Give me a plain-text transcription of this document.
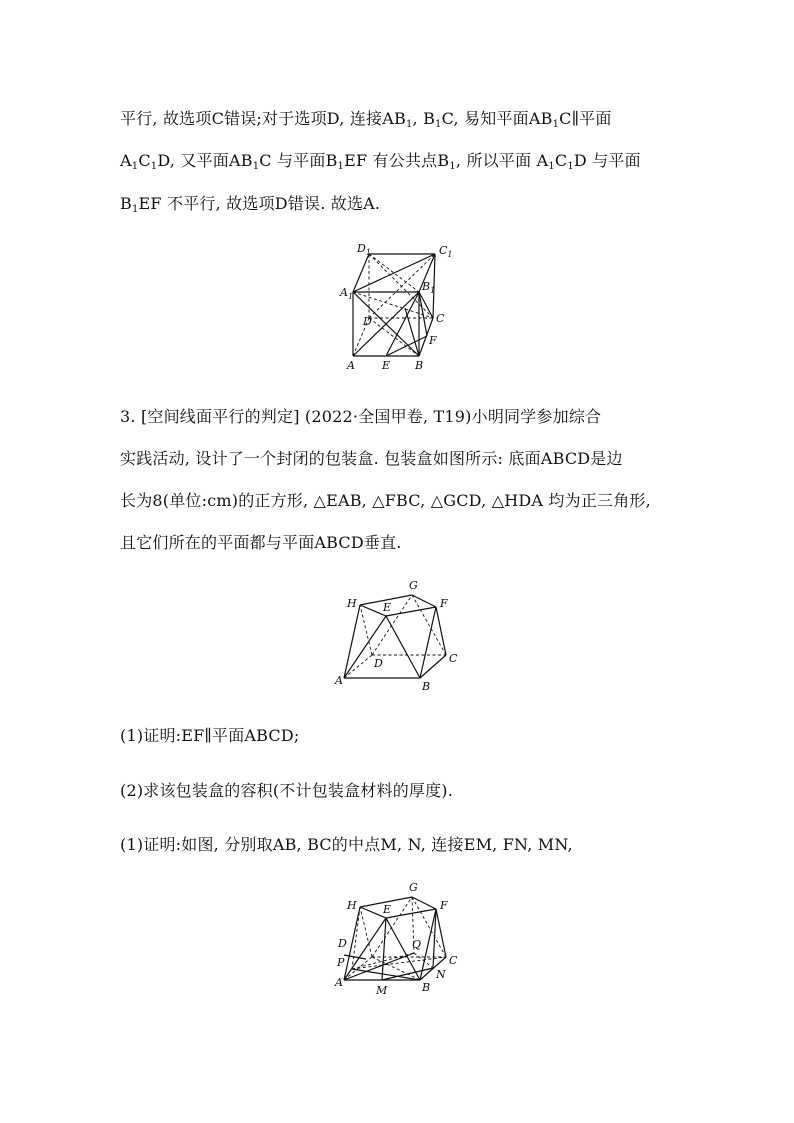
平行, 故选项C错误;对于选项D, 连接$AB_1$, $B_1C$, 易知平面$AB_1C\parallel$平面
$A_1C_1D$, 又平面$AB_1C$ 与平面$B_1EF$ 有公共点$B_1$, 所以平面 $A_1C_1D$ 与平面
$B_1EF$ 不平行, 故选项D错误. 故选A.
$D_1$	$C_1$
$A_1$
$B_1$
D	C
F
A E B
3. [空间线面平行的判定] (2022·全国甲卷, T19)小明同学参加综合
实践活动, 设计了一个封闭的包装盒. 包装盒如图所示: 底面ABCD是边
长为8(单位:cm)的正方形, △EAB, △FBC, △GCD, △HDA 均为正三角形,
且它们所在的平面都与平面ABCD垂直.
H E
G
F
D	C
A	B
(1)证明:EF∥平面ABCD;
(2)求该包装盒的容积(不计包装盒材料的厚度).
(1)证明:如图, 分别取AB, BC的中点M, N, 连接EM, FN, MN,
H E
G
F
D
P
Q
C
A
M
N
B
